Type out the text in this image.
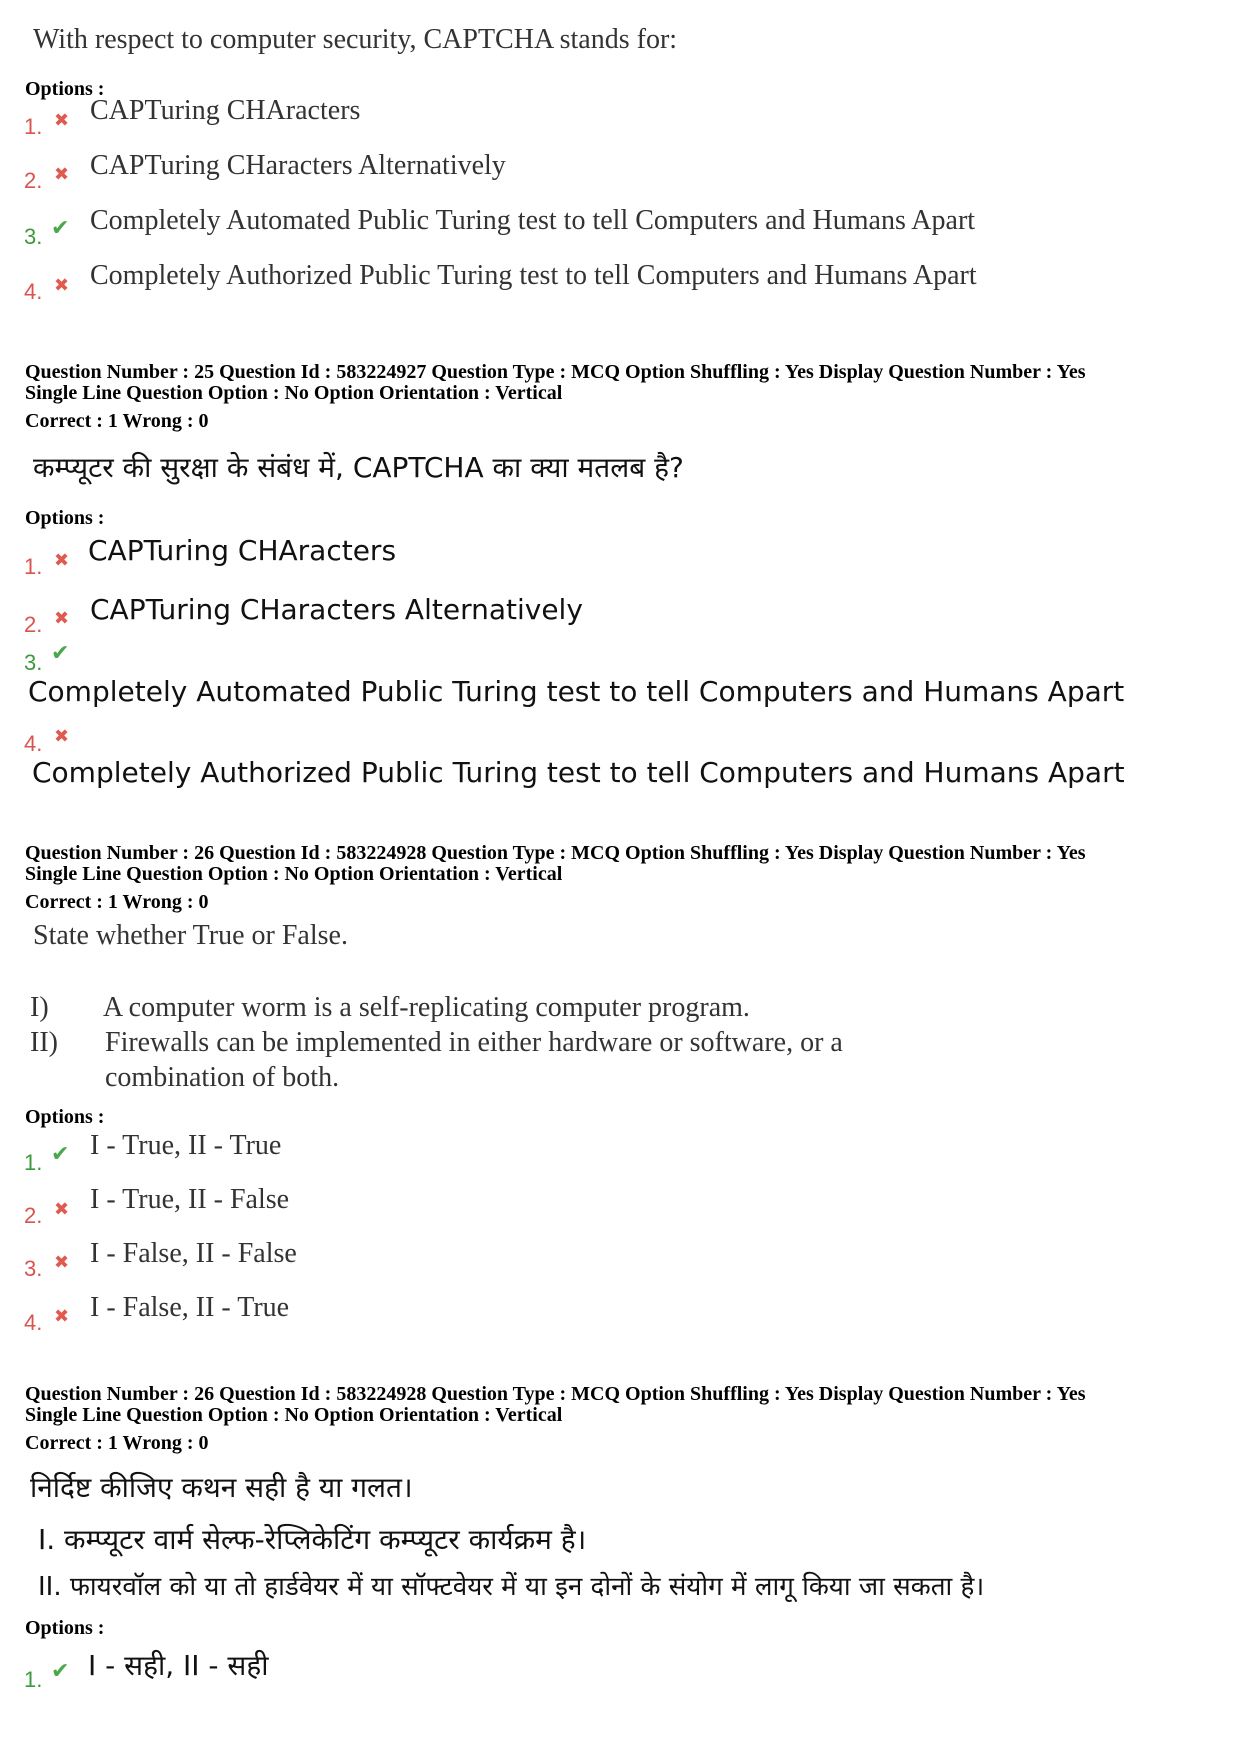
With respect to computer security, CAPTCHA stands for:
Options :
1. ✖ CAPTuring CHAracters
2. ✖ CAPTuring CHaracters Alternatively
3. ✔ Completely Automated Public Turing test to tell Computers and Humans Apart
4. ✖ Completely Authorized Public Turing test to tell Computers and Humans Apart
Question Number : 25 Question Id : 583224927 Question Type : MCQ Option Shuffling : Yes Display Question Number : Yes
Single Line Question Option : No Option Orientation : Vertical
Correct : 1 Wrong : 0
कम्प्यूटर की सुरक्षा के संबंध में, CAPTCHA का क्या मतलब है?
Options :
1. ✖ CAPTuring CHAracters
2. ✖ CAPTuring CHaracters Alternatively
3. ✔
Completely Automated Public Turing test to tell Computers and Humans Apart
4. ✖
Completely Authorized Public Turing test to tell Computers and Humans Apart
Question Number : 26 Question Id : 583224928 Question Type : MCQ Option Shuffling : Yes Display Question Number : Yes
Single Line Question Option : No Option Orientation : Vertical
Correct : 1 Wrong : 0
State whether True or False.
I) A computer worm is a self-replicating computer program.
II) Firewalls can be implemented in either hardware or software, or a
combination of both.
Options :
1. ✔ I - True, II - True
2. ✖ I - True, II - False
3. ✖ I - False, II - False
4. ✖ I - False, II - True
Question Number : 26 Question Id : 583224928 Question Type : MCQ Option Shuffling : Yes Display Question Number : Yes
Single Line Question Option : No Option Orientation : Vertical
Correct : 1 Wrong : 0
निर्दिष्ट कीजिए कथन सही है या गलत।
I. कम्प्यूटर वार्म सेल्फ-रेप्लिकेटिंग कम्प्यूटर कार्यक्रम है।
II. फायरवॉल को या तो हार्डवेयर में या सॉफ्टवेयर में या इन दोनों के संयोग में लागू किया जा सकता है।
Options :
1. ✔ I - सही, II - सही
